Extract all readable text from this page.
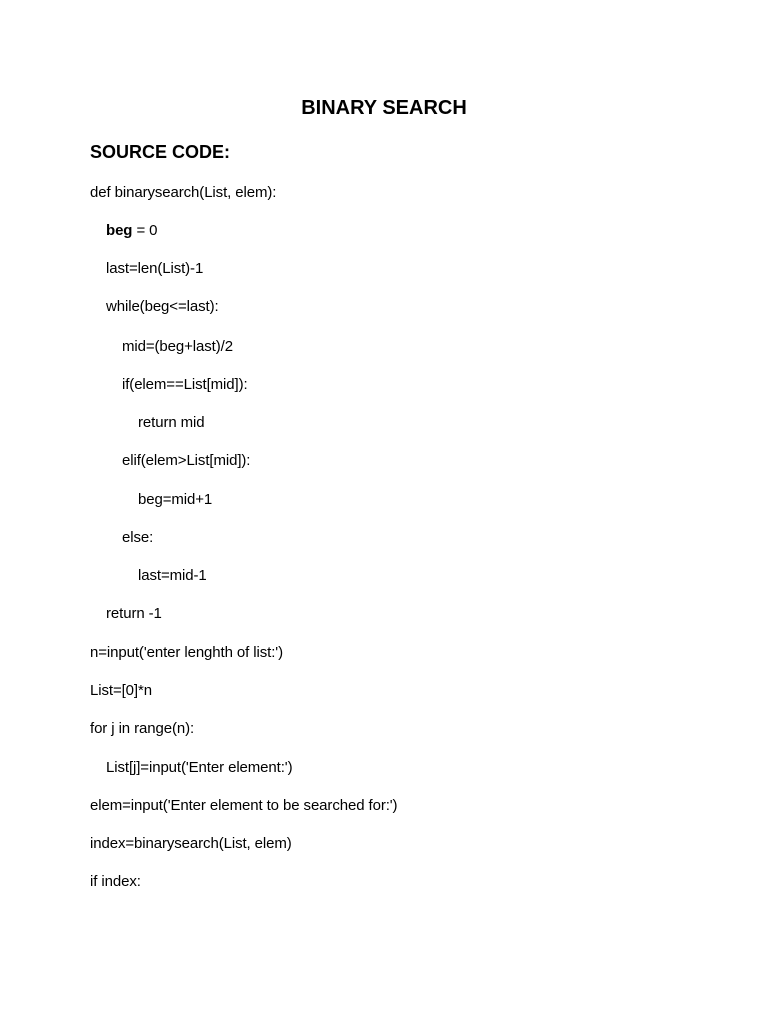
BINARY SEARCH
SOURCE CODE:
def binarysearch(List, elem):
beg = 0
last=len(List)-1
while(beg<=last):
mid=(beg+last)/2
if(elem==List[mid]):
return mid
elif(elem>List[mid]):
beg=mid+1
else:
last=mid-1
return -1
n=input('enter lenghth of list:')
List=[0]*n
for j in range(n):
List[j]=input('Enter element:')
elem=input('Enter element to be searched for:')
index=binarysearch(List, elem)
if index:
